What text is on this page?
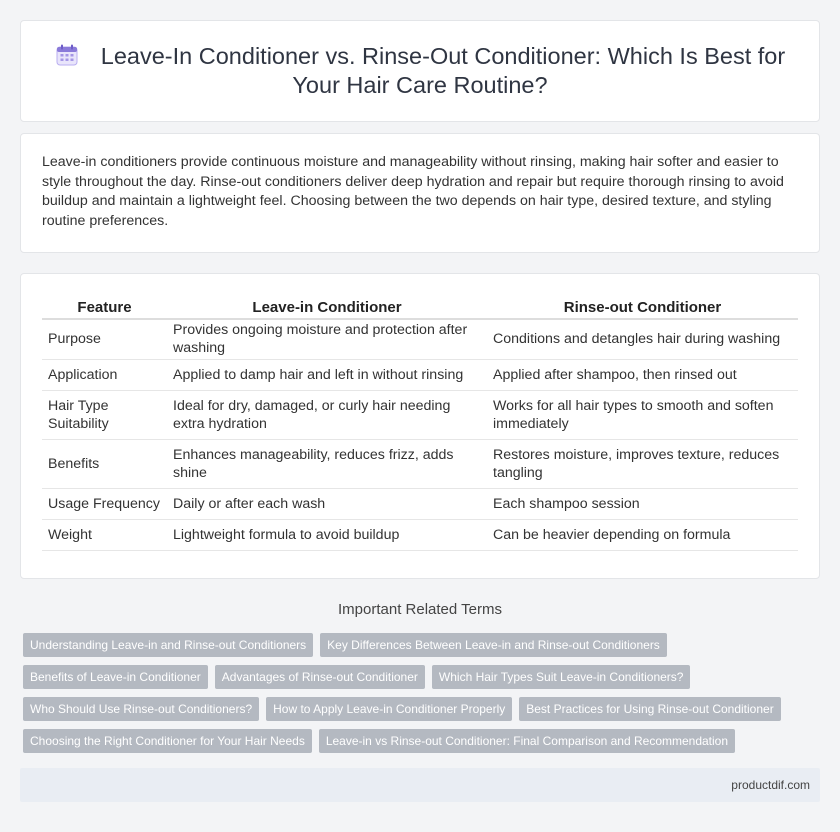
Leave-In Conditioner vs. Rinse-Out Conditioner: Which Is Best for
Your Hair Care Routine?

Leave-in conditioners provide continuous moisture and manageability without rinsing, making hair softer and easier to style throughout the day. Rinse-out conditioners deliver deep hydration and repair but require thorough rinsing to avoid buildup and maintain a lightweight feel. Choosing between the two depends on hair type, desired texture, and styling routine preferences.

Feature	Leave-in Conditioner	Rinse-out Conditioner
Purpose	Provides ongoing moisture and protection after washing	Conditions and detangles hair during washing
Application	Applied to damp hair and left in without rinsing	Applied after shampoo, then rinsed out
Hair Type Suitability	Ideal for dry, damaged, or curly hair needing extra hydration	Works for all hair types to smooth and soften immediately
Benefits	Enhances manageability, reduces frizz, adds shine	Restores moisture, improves texture, reduces tangling
Usage Frequency	Daily or after each wash	Each shampoo session
Weight	Lightweight formula to avoid buildup	Can be heavier depending on formula
Important Related Terms
Understanding Leave-in and Rinse-out Conditioners	Key Differences Between Leave-in and Rinse-out Conditioners
Benefits of Leave-in Conditioner	Advantages of Rinse-out Conditioner	Which Hair Types Suit Leave-in Conditioners?
Who Should Use Rinse-out Conditioners?	How to Apply Leave-in Conditioner Properly	Best Practices for Using Rinse-out Conditioner
Choosing the Right Conditioner for Your Hair Needs	Leave-in vs Rinse-out Conditioner: Final Comparison and Recommendation
productdif.com
